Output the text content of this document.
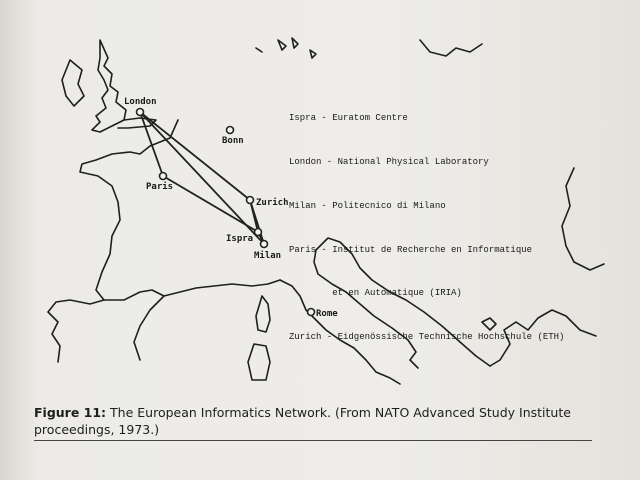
London
Bonn
Paris
Zurich
Ispra
Milan
Rome

Ispra - Euratom Centre

London - National Physical Laboratory

Milan - Politecnico di Milano

Paris - Institut de Recherche en Informatique

et en Automatique (IRIA)

Zurich - Eidgenössische Technische Hochschule (ETH)

Figure 11: The European Informatics Network. (From NATO Advanced Study Institute proceedings, 1973.)
